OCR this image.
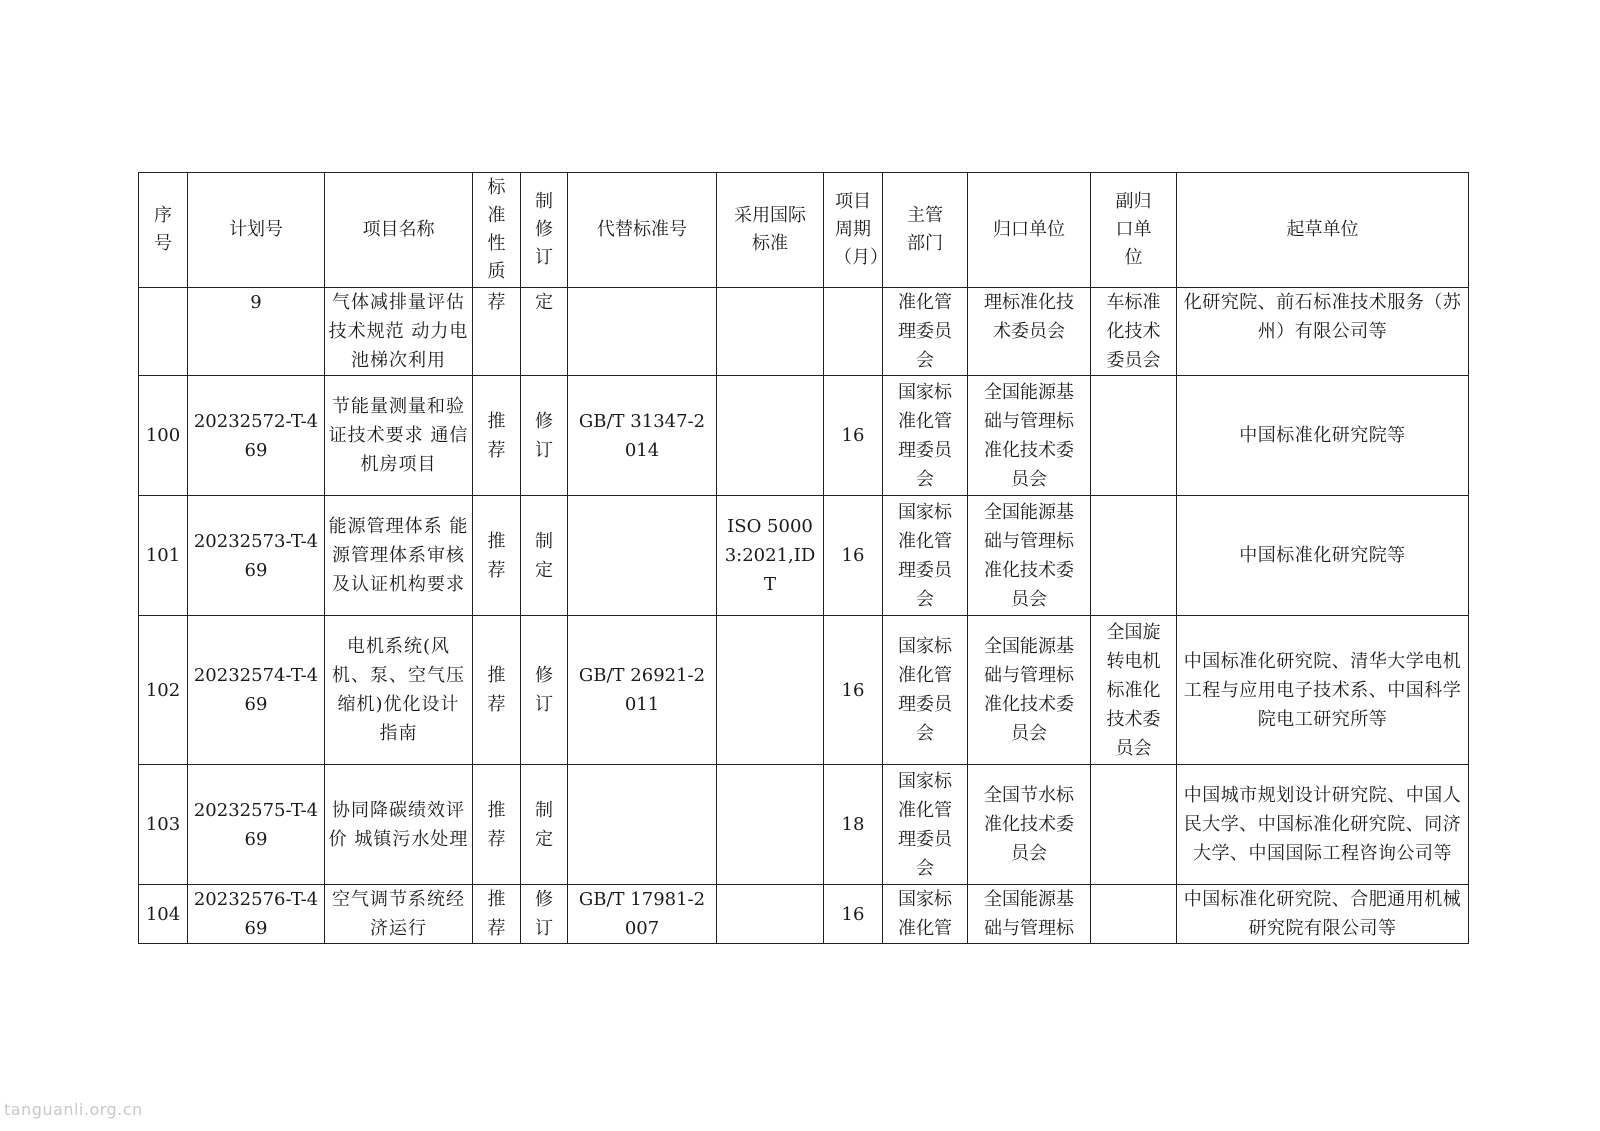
序号	计划号	项目名称	标准性质	制修订	代替标准号	采用国际标准	项目周期（月）	主管部门	归口单位	副归口单位	起草单位
	9	气体减排量评估技术规范 动力电池梯次利用	荐	定				准化管理委员会	理标准化技术委员会	车标准化技术委员会	化研究院、前石标准技术服务（苏州）有限公司等
100	20232572-T-469	节能量测量和验证技术要求 通信机房项目	推荐	修订	GB/T 31347-2014		16	国家标准化管理委员会	全国能源基础与管理标准化技术委员会		中国标准化研究院等
101	20232573-T-469	能源管理体系 能源管理体系审核及认证机构要求	推荐	制定		ISO 50003:2021,IDT	16	国家标准化管理委员会	全国能源基础与管理标准化技术委员会		中国标准化研究院等
102	20232574-T-469	电机系统(风机、泵、空气压缩机)优化设计指南	推荐	修订	GB/T 26921-2011		16	国家标准化管理委员会	全国能源基础与管理标准化技术委员会	全国旋转电机标准化技术委员会	中国标准化研究院、清华大学电机工程与应用电子技术系、中国科学院电工研究所等
103	20232575-T-469	协同降碳绩效评价 城镇污水处理	推荐	制定			18	国家标准化管理委员会	全国节水标准化技术委员会		中国城市规划设计研究院、中国人民大学、中国标准化研究院、同济大学、中国国际工程咨询公司等
104	20232576-T-469	空气调节系统经济运行	推荐	修订	GB/T 17981-2007		16	国家标准化管	全国能源基础与管理标		中国标准化研究院、合肥通用机械研究院有限公司等
tanguanli.org.cn
